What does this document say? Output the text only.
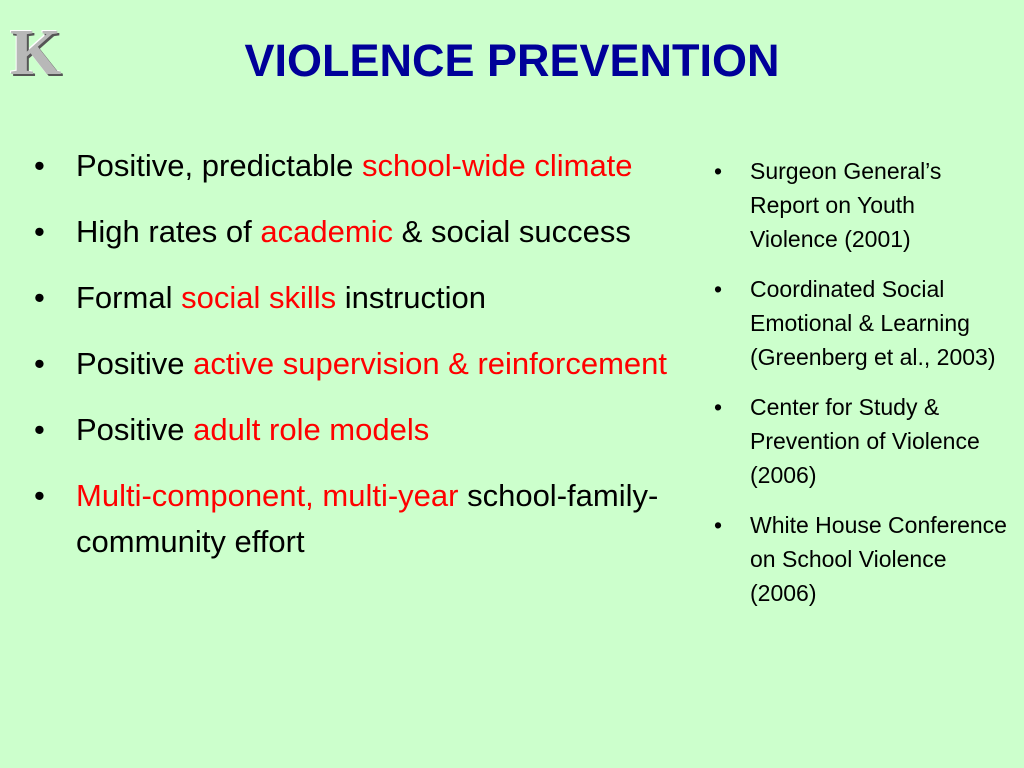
K	VIOLENCE PREVENTION
• Positive, predictable school-wide climate
• High rates of academic & social success
• Formal social skills instruction
• Positive active supervision & reinforcement
• Positive adult role models
• Multi-component, multi-year school-family-community effort
• Surgeon General’s Report on Youth Violence (2001)
• Coordinated Social Emotional & Learning (Greenberg et al., 2003)
• Center for Study & Prevention of Violence (2006)
• White House Conference on School Violence (2006)
